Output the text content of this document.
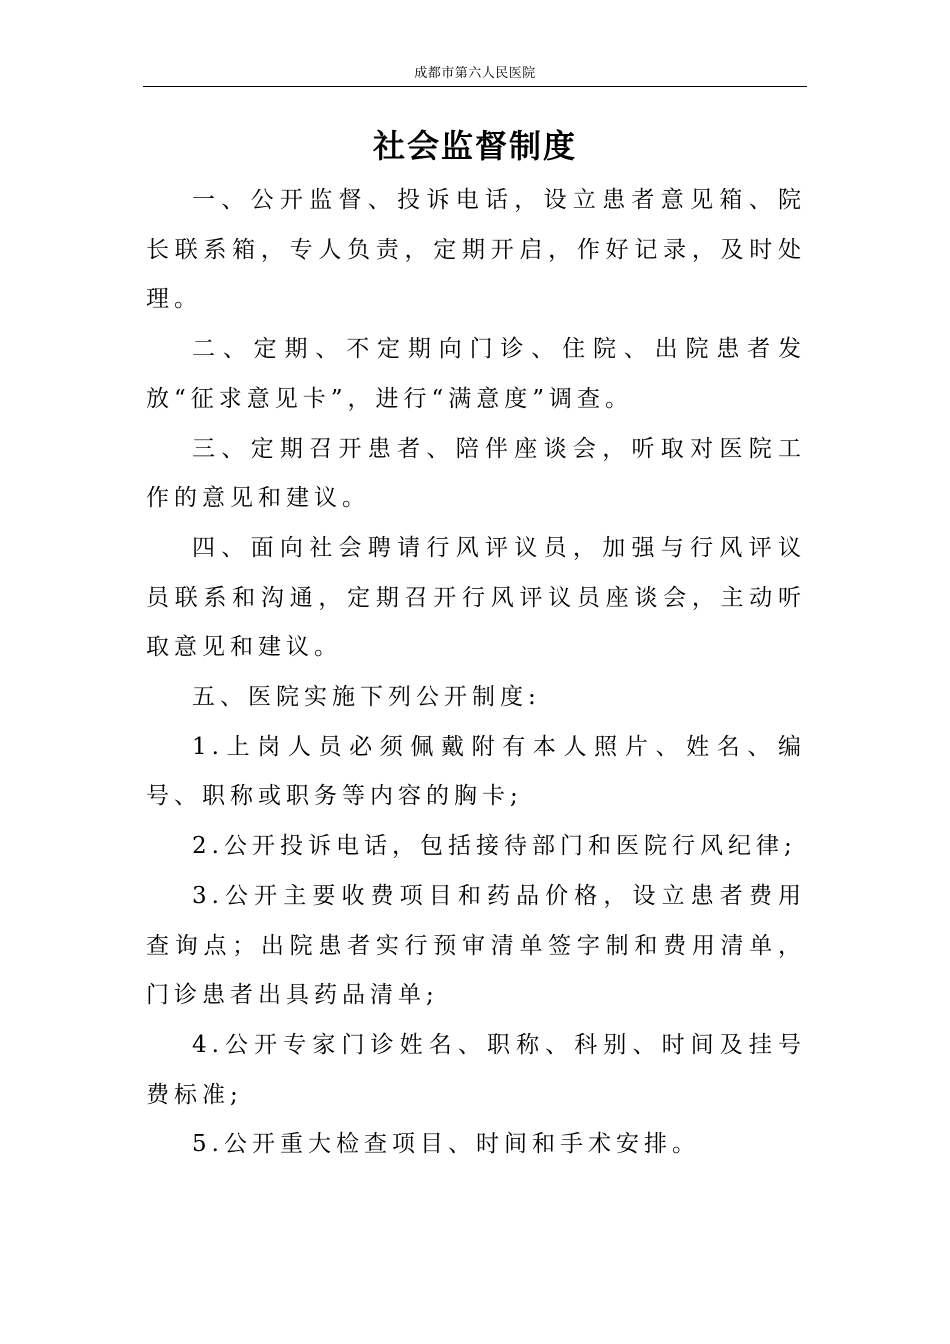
成都市第六人民医院
社会监督制度

一、公开监督、投诉电话，设立患者意见箱、院长联系箱，专人负责，定期开启，作好记录，及时处理。

二、定期、不定期向门诊、住院、出院患者发放“征求意见卡”，进行“满意度”调查。

三、定期召开患者、陪伴座谈会，听取对医院工作的意见和建议。

四、面向社会聘请行风评议员，加强与行风评议员联系和沟通，定期召开行风评议员座谈会，主动听取意见和建议。

五、医院实施下列公开制度:

1.上岗人员必须佩戴附有本人照片、姓名、编号、职称或职务等内容的胸卡;

2.公开投诉电话，包括接待部门和医院行风纪律;

3.公开主要收费项目和药品价格，设立患者费用查询点；出院患者实行预审清单签字制和费用清单，门诊患者出具药品清单;

4.公开专家门诊姓名、职称、科别、时间及挂号费标准;

5.公开重大检查项目、时间和手术安排。
